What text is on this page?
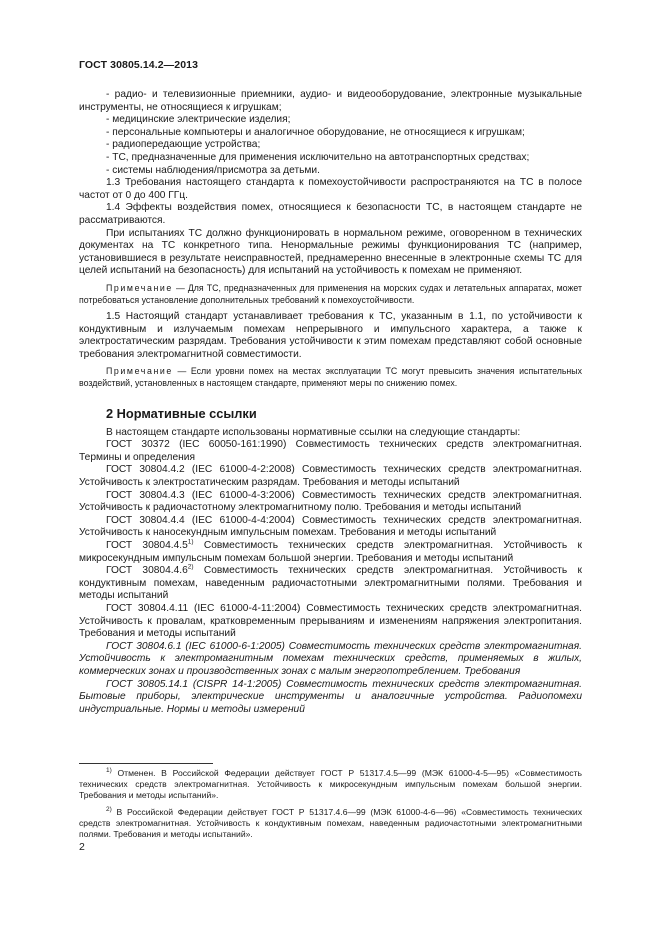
ГОСТ 30805.14.2—2013

- радио- и телевизионные приемники, аудио- и видеооборудование, электронные музыкальные инструменты, не относящиеся к игрушкам;

- медицинские электрические изделия;

- персональные компьютеры и аналогичное оборудование, не относящиеся к игрушкам;

- радиопередающие устройства;

- ТС, предназначенные для применения исключительно на автотранспортных средствах;

- системы наблюдения/присмотра за детьми.

1.3 Требования настоящего стандарта к помехоустойчивости распространяются на ТС в полосе частот от 0 до 400 ГГц.

1.4 Эффекты воздействия помех, относящиеся к безопасности ТС, в настоящем стандарте не рассматриваются.

При испытаниях ТС должно функционировать в нормальном режиме, оговоренном в технических документах на ТС конкретного типа. Ненормальные режимы функционирования ТС (например, установившиеся в результате неисправностей, преднамеренно внесенные в электронные схемы ТС для целей испытаний на безопасность) для испытаний на устойчивость к помехам не применяют.

Примечание — Для ТС, предназначенных для применения на морских судах и летательных аппаратах, может потребоваться установление дополнительных требований к помехоустойчивости.

1.5 Настоящий стандарт устанавливает требования к ТС, указанным в 1.1, по устойчивости к кондуктивным и излучаемым помехам непрерывного и импульсного характера, а также к электростатическим разрядам. Требования устойчивости к этим помехам представляют собой основные требования электромагнитной совместимости.

Примечание — Если уровни помех на местах эксплуатации ТС могут превысить значения испытательных воздействий, установленных в настоящем стандарте, применяют меры по снижению помех.

2 Нормативные ссылки

В настоящем стандарте использованы нормативные ссылки на следующие стандарты:

ГОСТ 30372 (IEC 60050-161:1990) Совместимость технических средств электромагнитная. Термины и определения

ГОСТ 30804.4.2 (IEC 61000-4-2:2008) Совместимость технических средств электромагнитная. Устойчивость к электростатическим разрядам. Требования и методы испытаний

ГОСТ 30804.4.3 (IEC 61000-4-3:2006) Совместимость технических средств электромагнитная. Устойчивость к радиочастотному электромагнитному полю. Требования и методы испытаний

ГОСТ 30804.4.4 (IEC 61000-4-4:2004) Совместимость технических средств электромагнитная. Устойчивость к наносекундным импульсным помехам. Требования и методы испытаний

ГОСТ 30804.4.5$^{1)}$ Совместимость технических средств электромагнитная. Устойчивость к микросекундным импульсным помехам большой энергии. Требования и методы испытаний

ГОСТ 30804.4.6$^{2)}$ Совместимость технических средств электромагнитная. Устойчивость к кондуктивным помехам, наведенным радиочастотными электромагнитными полями. Требования и методы испытаний

ГОСТ 30804.4.11 (IEC 61000-4-11:2004) Совместимость технических средств электромагнитная. Устойчивость к провалам, кратковременным прерываниям и изменениям напряжения электропитания. Требования и методы испытаний

ГОСТ 30804.6.1 (IEC 61000-6-1:2005) Совместимость технических средств электромагнитная. Устойчивость к электромагнитным помехам технических средств, применяемых в жилых, коммерческих зонах и производственных зонах с малым энергопотреблением. Требования

ГОСТ 30805.14.1 (CISPR 14-1:2005) Совместимость технических средств электромагнитная. Бытовые приборы, электрические инструменты и аналогичные устройства. Радиопомехи индустриальные. Нормы и методы измерений

$^{1)}$ Отменен. В Российской Федерации действует ГОСТ Р 51317.4.5—99 (МЭК 61000-4-5—95) «Совместимость технических средств электромагнитная. Устойчивость к микросекундным импульсным помехам большой энергии. Требования и методы испытаний».

$^{2)}$ В Российской Федерации действует ГОСТ Р 51317.4.6—99 (МЭК 61000-4-6—96) «Совместимость технических средств электромагнитная. Устойчивость к кондуктивным помехам, наведенным радиочастотными электромагнитными полями. Требования и методы испытаний».

2
